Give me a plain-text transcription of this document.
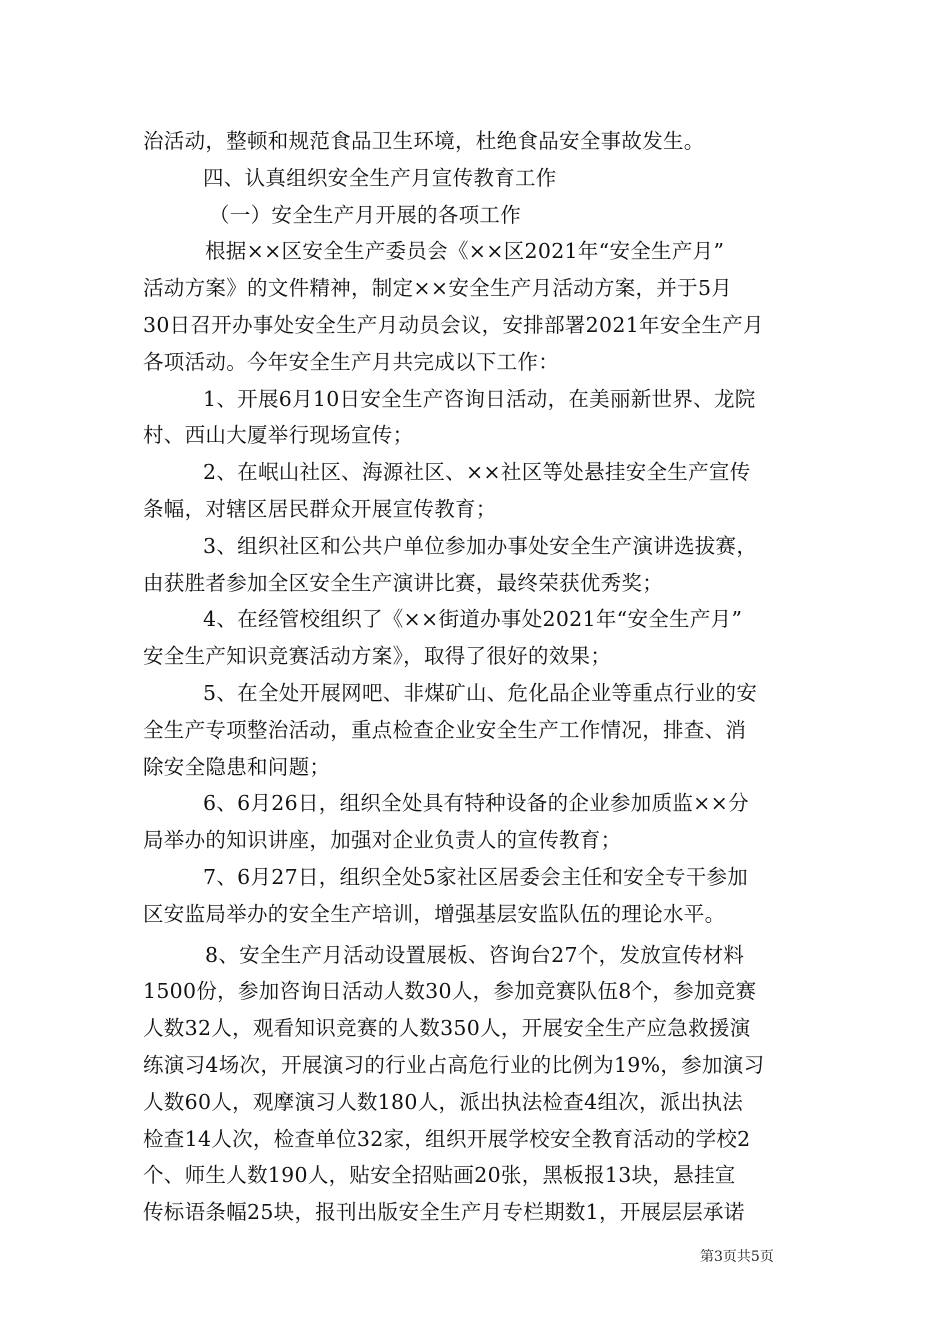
治活动，整顿和规范食品卫生环境，杜绝食品安全事故发生。
四、认真组织安全生产月宣传教育工作
（一）安全生产月开展的各项工作
根据××区安全生产委员会《××区2021年“安全生产月”
活动方案》的文件精神，制定××安全生产月活动方案，并于5月
30日召开办事处安全生产月动员会议，安排部署2021年安全生产月
各项活动。今年安全生产月共完成以下工作：
1、开展6月10日安全生产咨询日活动，在美丽新世界、龙院
村、西山大厦举行现场宣传；
2、在岷山社区、海源社区、××社区等处悬挂安全生产宣传
条幅，对辖区居民群众开展宣传教育；
3、组织社区和公共户单位参加办事处安全生产演讲选拔赛，
由获胜者参加全区安全生产演讲比赛，最终荣获优秀奖；
4、在经管校组织了《××街道办事处2021年“安全生产月”
安全生产知识竞赛活动方案》，取得了很好的效果；
5、在全处开展网吧、非煤矿山、危化品企业等重点行业的安
全生产专项整治活动，重点检查企业安全生产工作情况，排查、消
除安全隐患和问题；
6、6月26日，组织全处具有特种设备的企业参加质监××分
局举办的知识讲座，加强对企业负责人的宣传教育；
7、6月27日，组织全处5家社区居委会主任和安全专干参加
区安监局举办的安全生产培训，增强基层安监队伍的理论水平。
8、安全生产月活动设置展板、咨询台27个，发放宣传材料
1500份，参加咨询日活动人数30人，参加竞赛队伍8个，参加竞赛
人数32人，观看知识竞赛的人数350人，开展安全生产应急救援演
练演习4场次，开展演习的行业占高危行业的比例为19%，参加演习
人数60人，观摩演习人数180人，派出执法检查4组次，派出执法
检查14人次，检查单位32家，组织开展学校安全教育活动的学校2
个、师生人数190人，贴安全招贴画20张，黑板报13块，悬挂宣
传标语条幅25块，报刊出版安全生产月专栏期数1，开展层层承诺
第3页共5页
